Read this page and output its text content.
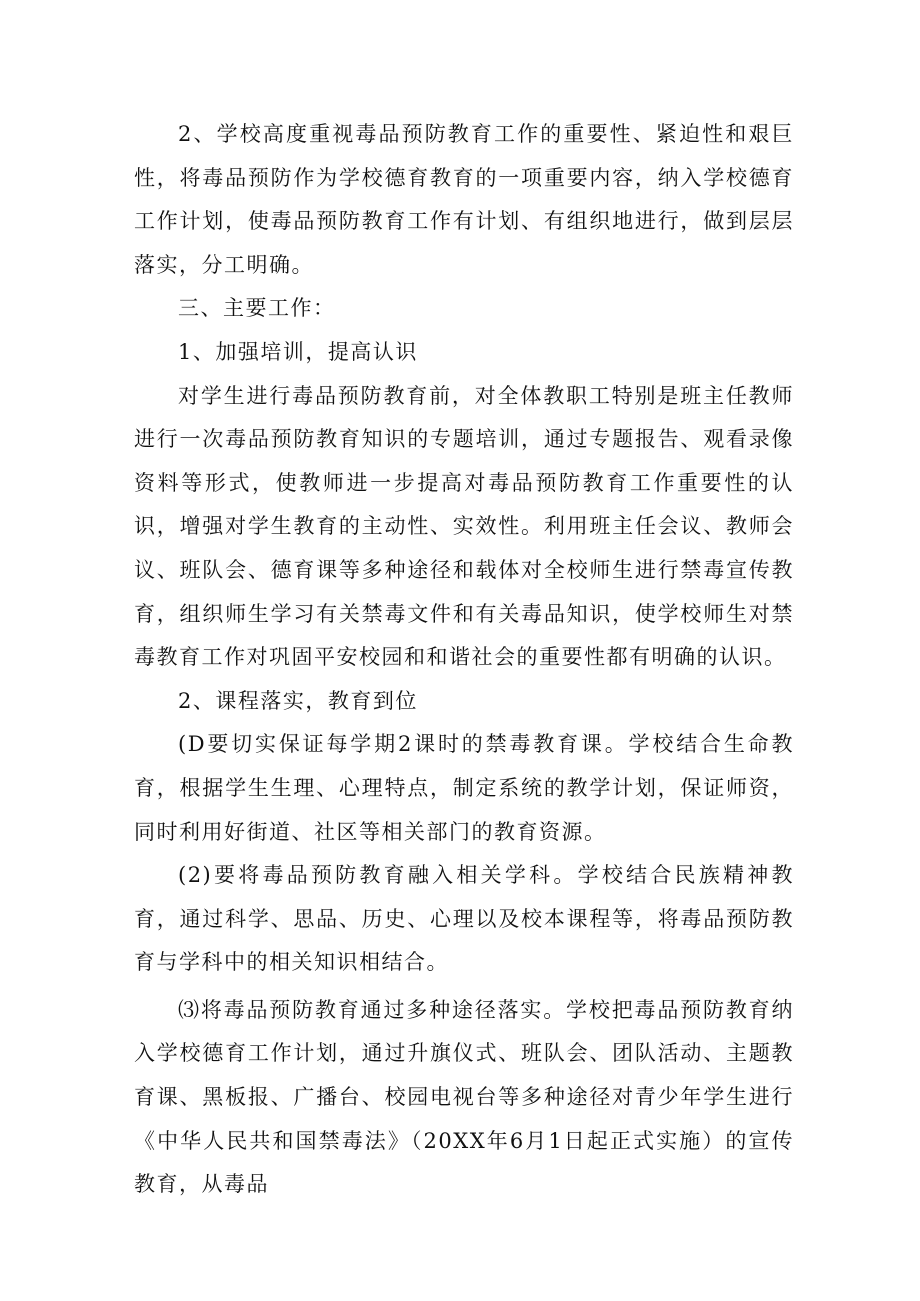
2、学校高度重视毒品预防教育工作的重要性、紧迫性和艰巨性，将毒品预防作为学校德育教育的一项重要内容，纳入学校德育工作计划，使毒品预防教育工作有计划、有组织地进行，做到层层落实，分工明确。

三、主要工作：

1、加强培训，提高认识

对学生进行毒品预防教育前，对全体教职工特别是班主任教师进行一次毒品预防教育知识的专题培训，通过专题报告、观看录像资料等形式，使教师进一步提高对毒品预防教育工作重要性的认识，增强对学生教育的主动性、实效性。利用班主任会议、教师会议、班队会、德育课等多种途径和载体对全校师生进行禁毒宣传教育，组织师生学习有关禁毒文件和有关毒品知识，使学校师生对禁毒教育工作对巩固平安校园和和谐社会的重要性都有明确的认识。

2、课程落实，教育到位

(D要切实保证每学期2课时的禁毒教育课。学校结合生命教育，根据学生生理、心理特点，制定系统的教学计划，保证师资，同时利用好街道、社区等相关部门的教育资源。

(2)要将毒品预防教育融入相关学科。学校结合民族精神教育，通过科学、思品、历史、心理以及校本课程等，将毒品预防教育与学科中的相关知识相结合。

⑶将毒品预防教育通过多种途径落实。学校把毒品预防教育纳入学校德育工作计划，通过升旗仪式、班队会、团队活动、主题教育课、黑板报、广播台、校园电视台等多种途径对青少年学生进行《中华人民共和国禁毒法》（20XX年6月1日起正式实施）的宣传教育，从毒品
